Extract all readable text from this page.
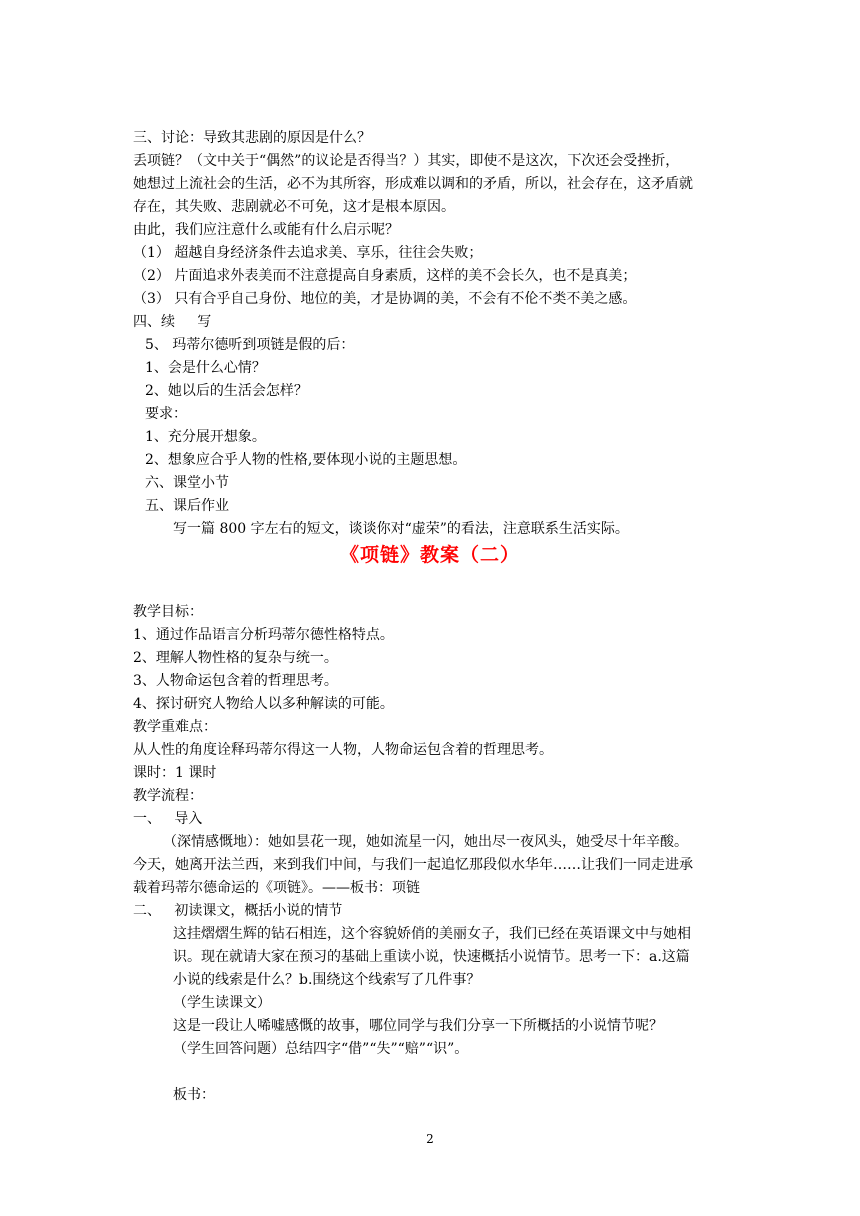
三、讨论：导致其悲剧的原因是什么？
丢项链？（文中关于“偶然”的议论是否得当？）其实，即使不是这次，下次还会受挫折，
她想过上流社会的生活，必不为其所容，形成难以调和的矛盾，所以，社会存在，这矛盾就
存在，其失败、悲剧就必不可免，这才是根本原因。
由此，我们应注意什么或能有什么启示呢？
（1） 超越自身经济条件去追求美、享乐，往往会失败；
（2） 片面追求外表美而不注意提高自身素质，这样的美不会长久，也不是真美；
（3） 只有合乎自己身份、地位的美，才是协调的美，不会有不伦不类不美之感。
四、续     写
5、 玛蒂尔德听到项链是假的后：
1、会是什么心情？
2、她以后的生活会怎样？
要求：
1、充分展开想象。
2、想象应合乎人物的性格,要体现小说的主题思想。
六、课堂小节
五、课后作业
写一篇 800 字左右的短文，谈谈你对“虚荣”的看法，注意联系生活实际。
《项链》教案（二）
教学目标：
1、通过作品语言分析玛蒂尔德性格特点。
2、理解人物性格的复杂与统一。
3、人物命运包含着的哲理思考。
4、探讨研究人物给人以多种解读的可能。
教学重难点：
从人性的角度诠释玛蒂尔得这一人物，人物命运包含着的哲理思考。
课时：1 课时
教学流程：
一、   导入
（深情感慨地）：她如昙花一现，她如流星一闪，她出尽一夜风头，她受尽十年辛酸。
今天，她离开法兰西，来到我们中间，与我们一起追忆那段似水华年……让我们一同走进承
载着玛蒂尔德命运的《项链》。——板书：项链
二、   初读课文，概括小说的情节
这挂熠熠生辉的钻石相连，这个容貌娇俏的美丽女子，我们已经在英语课文中与她相
识。现在就请大家在预习的基础上重读小说，快速概括小说情节。思考一下：a.这篇
小说的线索是什么？b.围绕这个线索写了几件事？
（学生读课文）
这是一段让人唏嘘感慨的故事，哪位同学与我们分享一下所概括的小说情节呢？
（学生回答问题）总结四字“借”“失”“赔”“识”。
板书：
2
